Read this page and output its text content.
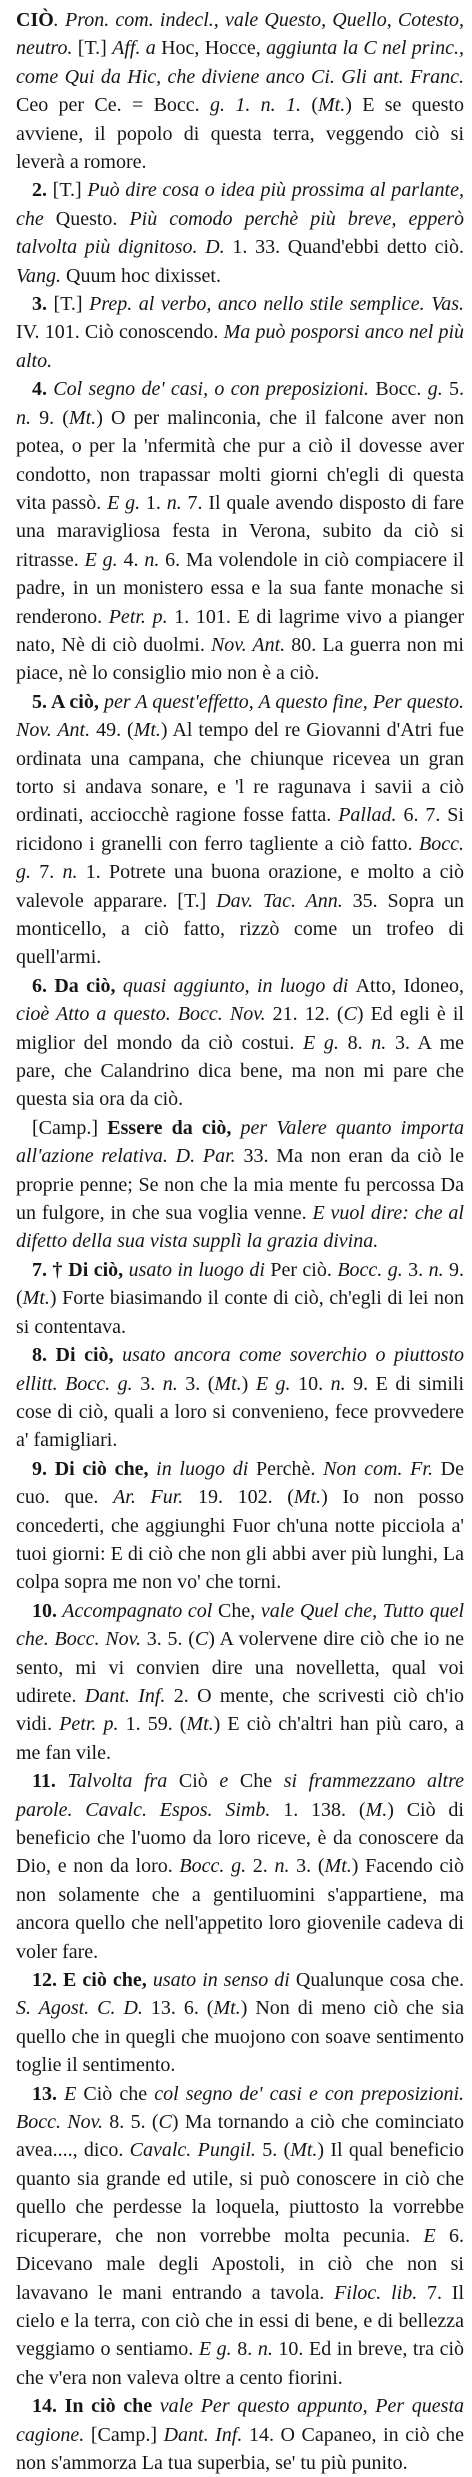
CIÒ. Pron. com. indecl., vale Questo, Quello, Cotesto, neutro. [T.] Aff. a Hoc, Hocce, aggiunta la C nel princ., come Qui da Hic, che diviene anco Ci. Gli ant. Franc. Ceo per Ce. = Bocc. g. 1. n. 1. (Mt.) E se questo avviene, il popolo di questa terra, veggendo ciò si leverà a romore.

2. [T.] Può dire cosa o idea più prossima al parlante, che Questo. Più comodo perchè più breve, epperò talvolta più dignitoso. D. 1. 33. Quand'ebbi detto ciò. Vang. Quum hoc dixisset.

3. [T.] Prep. al verbo, anco nello stile semplice. Vas. IV. 101. Ciò conoscendo. Ma può posporsi anco nel più alto.

4. Col segno de' casi, o con preposizioni. Bocc. g. 5. n. 9. (Mt.) O per malinconia, che il falcone aver non potea, o per la 'nfermità che pur a ciò il dovesse aver condotto, non trapassar molti giorni ch'egli di questa vita passò. E g. 1. n. 7. Il quale avendo disposto di fare una maravigliosa festa in Verona, subito da ciò si ritrasse. E g. 4. n. 6. Ma volendole in ciò compiacere il padre, in un monistero essa e la sua fante monache si renderono. Petr. p. 1. 101. E di lagrime vivo a pianger nato, Nè di ciò duolmi. Nov. Ant. 80. La guerra non mi piace, nè lo consiglio mio non è a ciò.

5. A ciò, per A quest'effetto, A questo fine, Per questo. Nov. Ant. 49. (Mt.) Al tempo del re Giovanni d'Atri fue ordinata una campana, che chiunque ricevea un gran torto si andava sonare, e 'l re ragunava i savii a ciò ordinati, acciocchè ragione fosse fatta. Pallad. 6. 7. Si ricidono i granelli con ferro tagliente a ciò fatto. Bocc. g. 7. n. 1. Potrete una buona orazione, e molto a ciò valevole apparare. [T.] Dav. Tac. Ann. 35. Sopra un monticello, a ciò fatto, rizzò come un trofeo di quell'armi.

6. Da ciò, quasi aggiunto, in luogo di Atto, Idoneo, cioè Atto a questo. Bocc. Nov. 21. 12. (C) Ed egli è il miglior del mondo da ciò costui. E g. 8. n. 3. A me pare, che Calandrino dica bene, ma non mi pare che questa sia ora da ciò.

[Camp.] Essere da ciò, per Valere quanto importa all'azione relativa. D. Par. 33. Ma non eran da ciò le proprie penne; Se non che la mia mente fu percossa Da un fulgore, in che sua voglia venne. E vuol dire: che al difetto della sua vista supplì la grazia divina.

7. † Di ciò, usato in luogo di Per ciò. Bocc. g. 3. n. 9. (Mt.) Forte biasimando il conte di ciò, ch'egli di lei non si contentava.

8. Di ciò, usato ancora come soverchio o piuttosto ellitt. Bocc. g. 3. n. 3. (Mt.) E g. 10. n. 9. E di simili cose di ciò, quali a loro si convenieno, fece provvedere a' famigliari.

9. Di ciò che, in luogo di Perchè. Non com. Fr. De cuo. que. Ar. Fur. 19. 102. (Mt.) Io non posso concederti, che aggiunghi Fuor ch'una notte picciola a' tuoi giorni: E di ciò che non gli abbi aver più lunghi, La colpa sopra me non vo' che torni.

10. Accompagnato col Che, vale Quel che, Tutto quel che. Bocc. Nov. 3. 5. (C) A volervene dire ciò che io ne sento, mi vi convien dire una novelletta, qual voi udirete. Dant. Inf. 2. O mente, che scrivesti ciò ch'io vidi. Petr. p. 1. 59. (Mt.) E ciò ch'altri han più caro, a me fan vile.

11. Talvolta fra Ciò e Che si frammezzano altre parole. Cavalc. Espos. Simb. 1. 138. (M.) Ciò di beneficio che l'uomo da loro riceve, è da conoscere da Dio, e non da loro. Bocc. g. 2. n. 3. (Mt.) Facendo ciò non solamente che a gentiluomini s'appartiene, ma ancora quello che nell'appetito loro giovenile cadeva di voler fare.

12. E ciò che, usato in senso di Qualunque cosa che. S. Agost. C. D. 13. 6. (Mt.) Non di meno ciò che sia quello che in quegli che muojono con soave sentimento toglie il sentimento.

13. E Ciò che col segno de' casi e con preposizioni. Bocc. Nov. 8. 5. (C) Ma tornando a ciò che cominciato avea...., dico. Cavalc. Pungil. 5. (Mt.) Il qual beneficio quanto sia grande ed utile, si può conoscere in ciò che quello che perdesse la loquela, piuttosto la vorrebbe ricuperare, che non vorrebbe molta pecunia. E 6. Dicevano male degli Apostoli, in ciò che non si lavavano le mani entrando a tavola. Filoc. lib. 7. Il cielo e la terra, con ciò che in essi di bene, e di bellezza veggiamo o sentiamo. E g. 8. n. 10. Ed in breve, tra ciò che v'era non valeva oltre a cento fiorini.

14. In ciò che vale Per questo appunto, Per questa cagione. [Camp.] Dant. Inf. 14. O Capaneo, in ciò che non s'ammorza La tua superbia, se' tu più punito.
